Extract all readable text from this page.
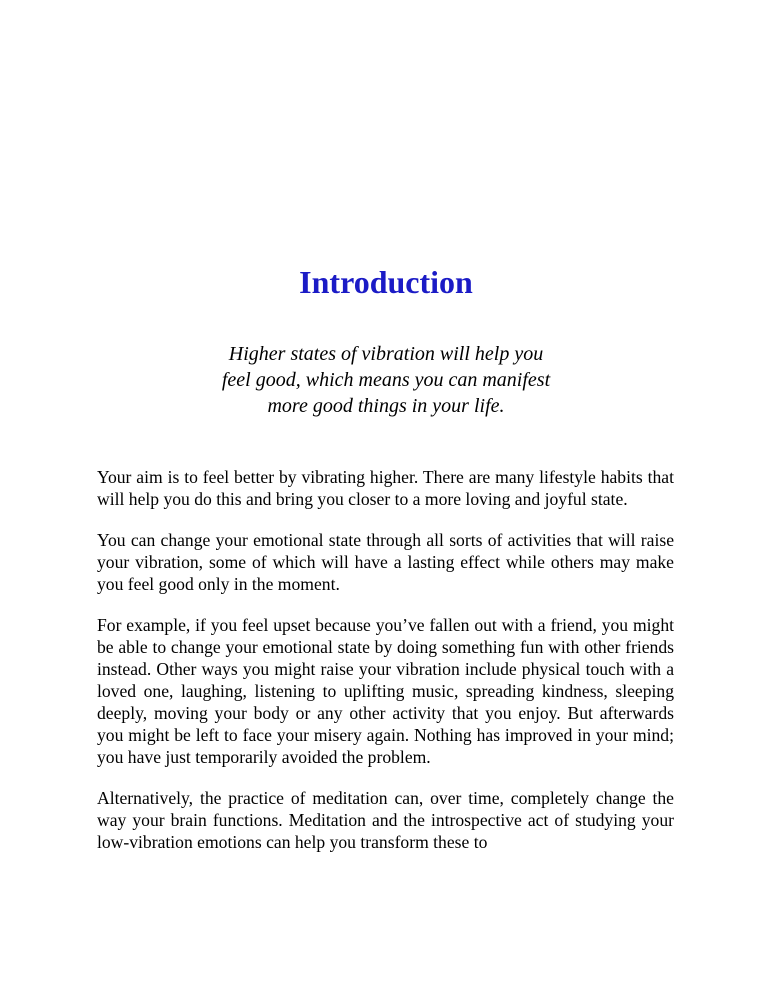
Introduction
Higher states of vibration will help you
feel good, which means you can manifest
more good things in your life.

Your aim is to feel better by vibrating higher. There are many lifestyle habits that will help you do this and bring you closer to a more loving and joyful state.

You can change your emotional state through all sorts of activities that will raise your vibration, some of which will have a lasting effect while others may make you feel good only in the moment.

For example, if you feel upset because you’ve fallen out with a friend, you might be able to change your emotional state by doing something fun with other friends instead. Other ways you might raise your vibration include physical touch with a loved one, laughing, listening to uplifting music, spreading kindness, sleeping deeply, moving your body or any other activity that you enjoy. But afterwards you might be left to face your misery again. Nothing has improved in your mind; you have just temporarily avoided the problem.

Alternatively, the practice of meditation can, over time, completely change the way your brain functions. Meditation and the introspective act of studying your low-vibration emotions can help you transform these to
